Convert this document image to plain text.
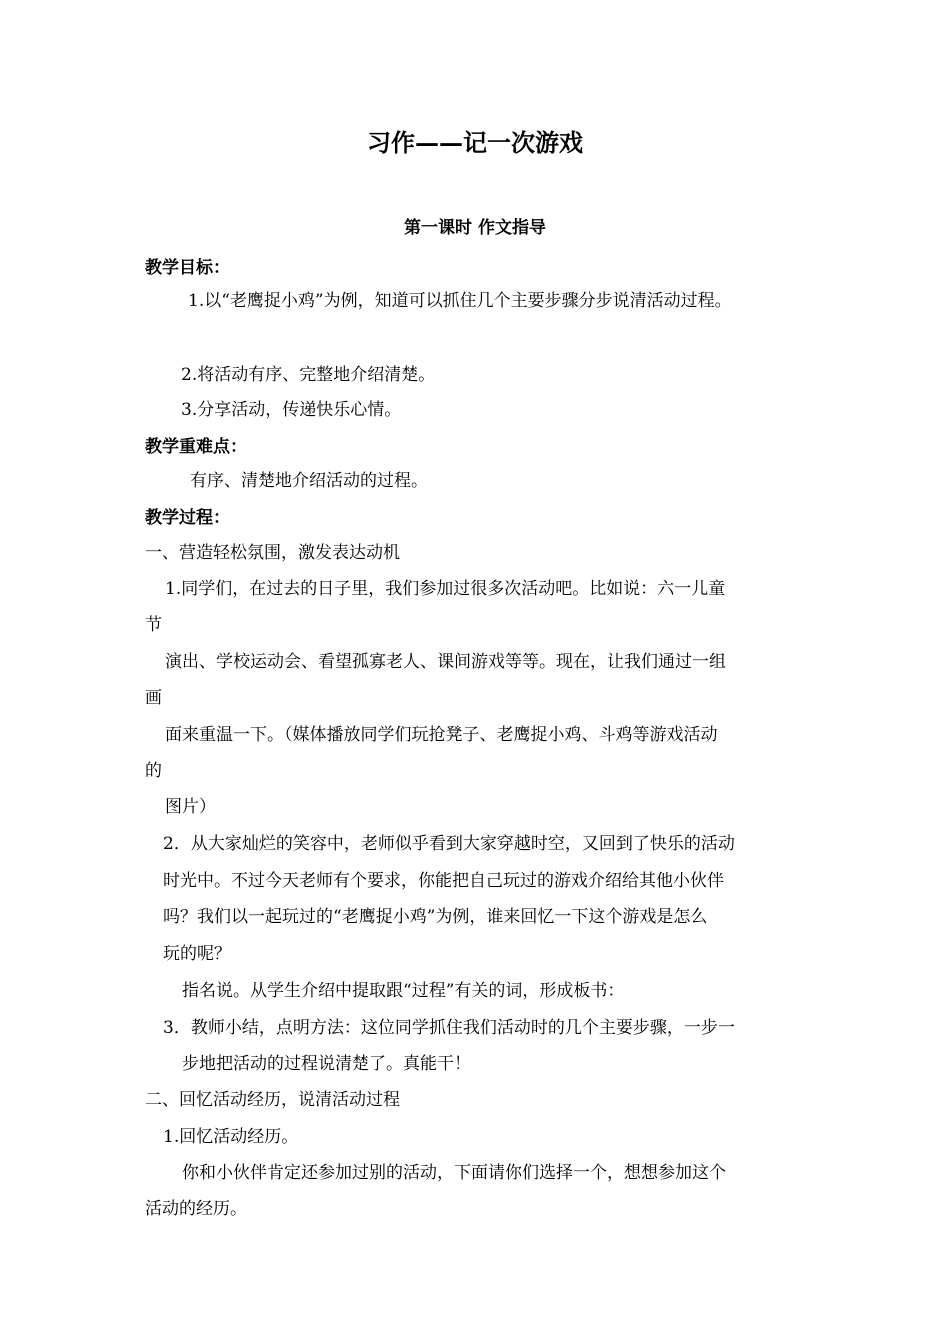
习作——记一次游戏
第一课时 作文指导
教学目标：
1.以“老鹰捉小鸡”为例，知道可以抓住几个主要步骤分步说清活动过程。
2.将活动有序、完整地介绍清楚。
3.分享活动，传递快乐心情。
教学重难点：
有序、清楚地介绍活动的过程。
教学过程：
一、营造轻松氛围，激发表达动机
1.同学们，在过去的日子里，我们参加过很多次活动吧。比如说：六一儿童
节
演出、学校运动会、看望孤寡老人、课间游戏等等。现在，让我们通过一组
画
面来重温一下。（媒体播放同学们玩抢凳子、老鹰捉小鸡、斗鸡等游戏活动
的
图片）
2．从大家灿烂的笑容中，老师似乎看到大家穿越时空，又回到了快乐的活动
时光中。不过今天老师有个要求，你能把自己玩过的游戏介绍给其他小伙伴
吗？我们以一起玩过的“老鹰捉小鸡”为例，谁来回忆一下这个游戏是怎么
玩的呢？
指名说。从学生介绍中提取跟“过程”有关的词，形成板书：
3．教师小结，点明方法：这位同学抓住我们活动时的几个主要步骤，一步一
步地把活动的过程说清楚了。真能干！
二、回忆活动经历，说清活动过程
1.回忆活动经历。
你和小伙伴肯定还参加过别的活动，下面请你们选择一个，想想参加这个
活动的经历。
